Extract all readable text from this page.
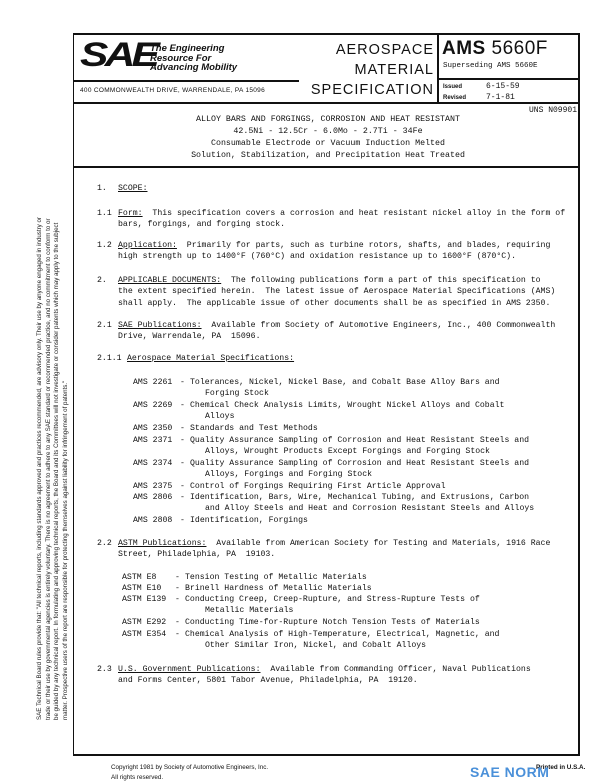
SAE Technical Board rules provide that: "All technical reports, including standards approved and practices recommended, are advisory only. Their use by anyone engaged in industry or trade or their use by governmental agencies is entirely voluntary. There is no agreement to adhere to any SAE standard or recommended practice, and no commitment to conform to or be guided by any technical report. In formulating and approving technical reports, the Board and its Committees will not investigate or consider patents which may apply to the subject matter. Prospective users of the report are responsible for protecting themselves against liability for infringement of patents."
SAE
The Engineering
Resource For
Advancing Mobility
400 COMMONWEALTH DRIVE, WARRENDALE, PA 15096
AEROSPACE
MATERIAL
SPECIFICATION
AMS 5660F
Superseding AMS 5660E
Issued	6-15-59
Revised 7-1-81
UNS N09901
ALLOY BARS AND FORGINGS, CORROSION AND HEAT RESISTANT
42.5Ni - 12.5Cr - 6.0Mo - 2.7Ti - 34Fe
Consumable Electrode or Vacuum Induction Melted
Solution, Stabilization, and Precipitation Heat Treated
1. SCOPE:
1.1 Form:  This specification covers a corrosion and heat resistant nickel alloy in the form of
bars, forgings, and forging stock.
1.2 Application:  Primarily for parts, such as turbine rotors, shafts, and blades, requiring
high strength up to 1400°F (760°C) and oxidation resistance up to 1600°F (870°C).
2. APPLICABLE DOCUMENTS:  The following publications form a part of this specification to
the extent specified herein.  The latest issue of Aerospace Material Specifications (AMS)
shall apply.  The applicable issue of other documents shall be as specified in AMS 2350.
2.1 SAE Publications:  Available from Society of Automotive Engineers, Inc., 400 Commonwealth
Drive, Warrendale, PA  15096.
2.1.1 Aerospace Material Specifications:
2.2 ASTM Publications:  Available from American Society for Testing and Materials, 1916 Race
Street, Philadelphia, PA  19103.
2.3 U.S. Government Publications:  Available from Commanding Officer, Naval Publications
and Forms Center, 5801 Tabor Avenue, Philadelphia, PA  19120.
AMS 2261 - Tolerances, Nickel, Nickel Base, and Cobalt Base Alloy Bars and
Forging Stock
AMS 2269 - Chemical Check Analysis Limits, Wrought Nickel Alloys and Cobalt
Alloys
AMS 2350 - Standards and Test Methods
AMS 2371 - Quality Assurance Sampling of Corrosion and Heat Resistant Steels and
Alloys, Wrought Products Except Forgings and Forging Stock
AMS 2374 - Quality Assurance Sampling of Corrosion and Heat Resistant Steels and
Alloys, Forgings and Forging Stock
AMS 2375 - Control of Forgings Requiring First Article Approval
AMS 2806 - Identification, Bars, Wire, Mechanical Tubing, and Extrusions, Carbon
and Alloy Steels and Heat and Corrosion Resistant Steels and Alloys
AMS 2808 - Identification, Forgings
ASTM E8 - Tension Testing of Metallic Materials
ASTM E10 - Brinell Hardness of Metallic Materials
ASTM E139 - Conducting Creep, Creep-Rupture, and Stress-Rupture Tests of
Metallic Materials
ASTM E292 - Conducting Time-for-Rupture Notch Tension Tests of Materials
ASTM E354 - Chemical Analysis of High-Temperature, Electrical, Magnetic, and
Other Similar Iron, Nickel, and Cobalt Alloys
Copyright 1981 by Society of Automotive Engineers, Inc.
All rights reserved.
Printed in U.S.A.
SAE NORM
